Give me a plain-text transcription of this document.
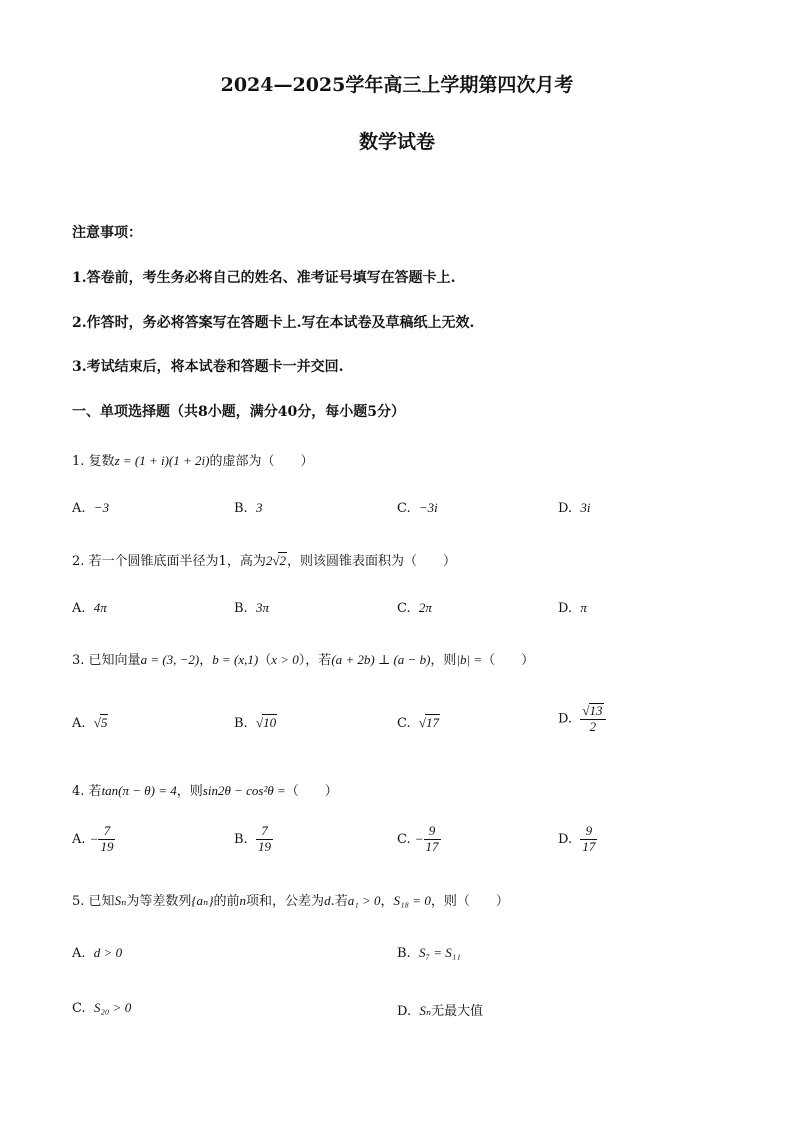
2024—2025学年高三上学期第四次月考
数学试卷
注意事项：
1.答卷前，考生务必将自己的姓名、准考证号填写在答题卡上.
2.作答时，务必将答案写在答题卡上.写在本试卷及草稿纸上无效.
3.考试结束后，将本试卷和答题卡一并交回.
一、单项选择题（共8小题，满分40分，每小题5分）
1. 复数z = (1 + i)(1 + 2i)的虚部为（　　）
A. −3	B. 3	C. −3i	D. 3i
2. 若一个圆锥底面半径为1，高为2√2，则该圆锥表面积为（　　）
A. 4π	B. 3π	C. 2π	D. π
3. 已知向量a = (3, −2)，b = (x,1)（x > 0），若(a + 2b) ⊥ (a − b)，则|b| =（　　）
A. √5	B. √10	C. √17	D. $\frac{√13}{2}$
4. 若tan(π − θ) = 4，则sin2θ − cos²θ =（　　）
A. − $\frac{7}{19}$	B. $\frac{7}{19}$	C. − $\frac{9}{17}$	D. $\frac{9}{17}$
5. 已知Sₙ为等差数列{aₙ}的前n项和，公差为d.若a₁ > 0，S₁₈ = 0，则（　　）
A. d > 0	B. S₇ = S₁₁
C. S₂₀ > 0	D. Sₙ无最大值
